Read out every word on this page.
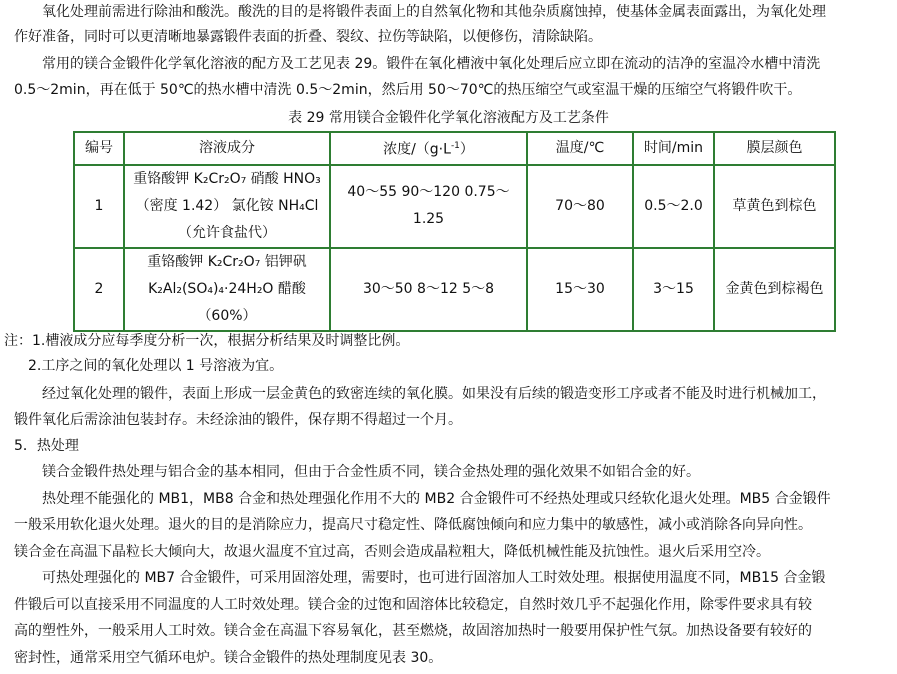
氧化处理前需进行除油和酸洗。酸洗的目的是将锻件表面上的自然氧化物和其他杂质腐蚀掉，使基体金属表面露出，为氧化处理
作好准备，同时可以更清晰地暴露锻件表面的折叠、裂纹、拉伤等缺陷，以便修伤，清除缺陷。
常用的镁合金锻件化学氧化溶液的配方及工艺见表 29。锻件在氧化槽液中氧化处理后应立即在流动的洁净的室温冷水槽中清洗
0.5～2min，再在低于 50℃的热水槽中清洗 0.5～2min，然后用 50～70℃的热压缩空气或室温干燥的压缩空气将锻件吹干。
表 29 常用镁合金锻件化学氧化溶液配方及工艺条件
编号	溶液成分	浓度$/(g\cdot L^{-1})$	温度/℃	时间/min	膜层颜色
1	重铬酸钾 K₂Cr₂O₇ 硝酸 HNO₃
（密度 1.42） 氯化铵 NH₄Cl
（允许食盐代）	40～55 90～120 0.75～1.25	70～80	0.5～2.0	草黄色到棕色
2	重铬酸钾 K₂Cr₂O₇ 铝钾矾
K₂Al₂(SO₄)₄·24H₂O 醋酸
（60%）	30～50 8～12 5～8	15～30	3～15	金黄色到棕褐色
注：1.槽液成分应每季度分析一次，根据分析结果及时调整比例。
2.工序之间的氧化处理以 1 号溶液为宜。
经过氧化处理的锻件，表面上形成一层金黄色的致密连续的氧化膜。如果没有后续的锻造变形工序或者不能及时进行机械加工，
锻件氧化后需涂油包装封存。未经涂油的锻件，保存期不得超过一个月。
5．热处理
镁合金锻件热处理与铝合金的基本相同，但由于合金性质不同，镁合金热处理的强化效果不如铝合金的好。
热处理不能强化的 MB1，MB8 合金和热处理强化作用不大的 MB2 合金锻件可不经热处理或只经软化退火处理。MB5 合金锻件
一般采用软化退火处理。退火的目的是消除应力，提高尺寸稳定性、降低腐蚀倾向和应力集中的敏感性，减小或消除各向异向性。
镁合金在高温下晶粒长大倾向大，故退火温度不宜过高，否则会造成晶粒粗大，降低机械性能及抗蚀性。退火后采用空冷。
可热处理强化的 MB7 合金锻件，可采用固溶处理，需要时，也可进行固溶加人工时效处理。根据使用温度不同，MB15 合金锻
件锻后可以直接采用不同温度的人工时效处理。镁合金的过饱和固溶体比较稳定，自然时效几乎不起强化作用，除零件要求具有较
高的塑性外，一般采用人工时效。镁合金在高温下容易氧化，甚至燃烧，故固溶加热时一般要用保护性气氛。加热设备要有较好的
密封性，通常采用空气循环电炉。镁合金锻件的热处理制度见表 30。
